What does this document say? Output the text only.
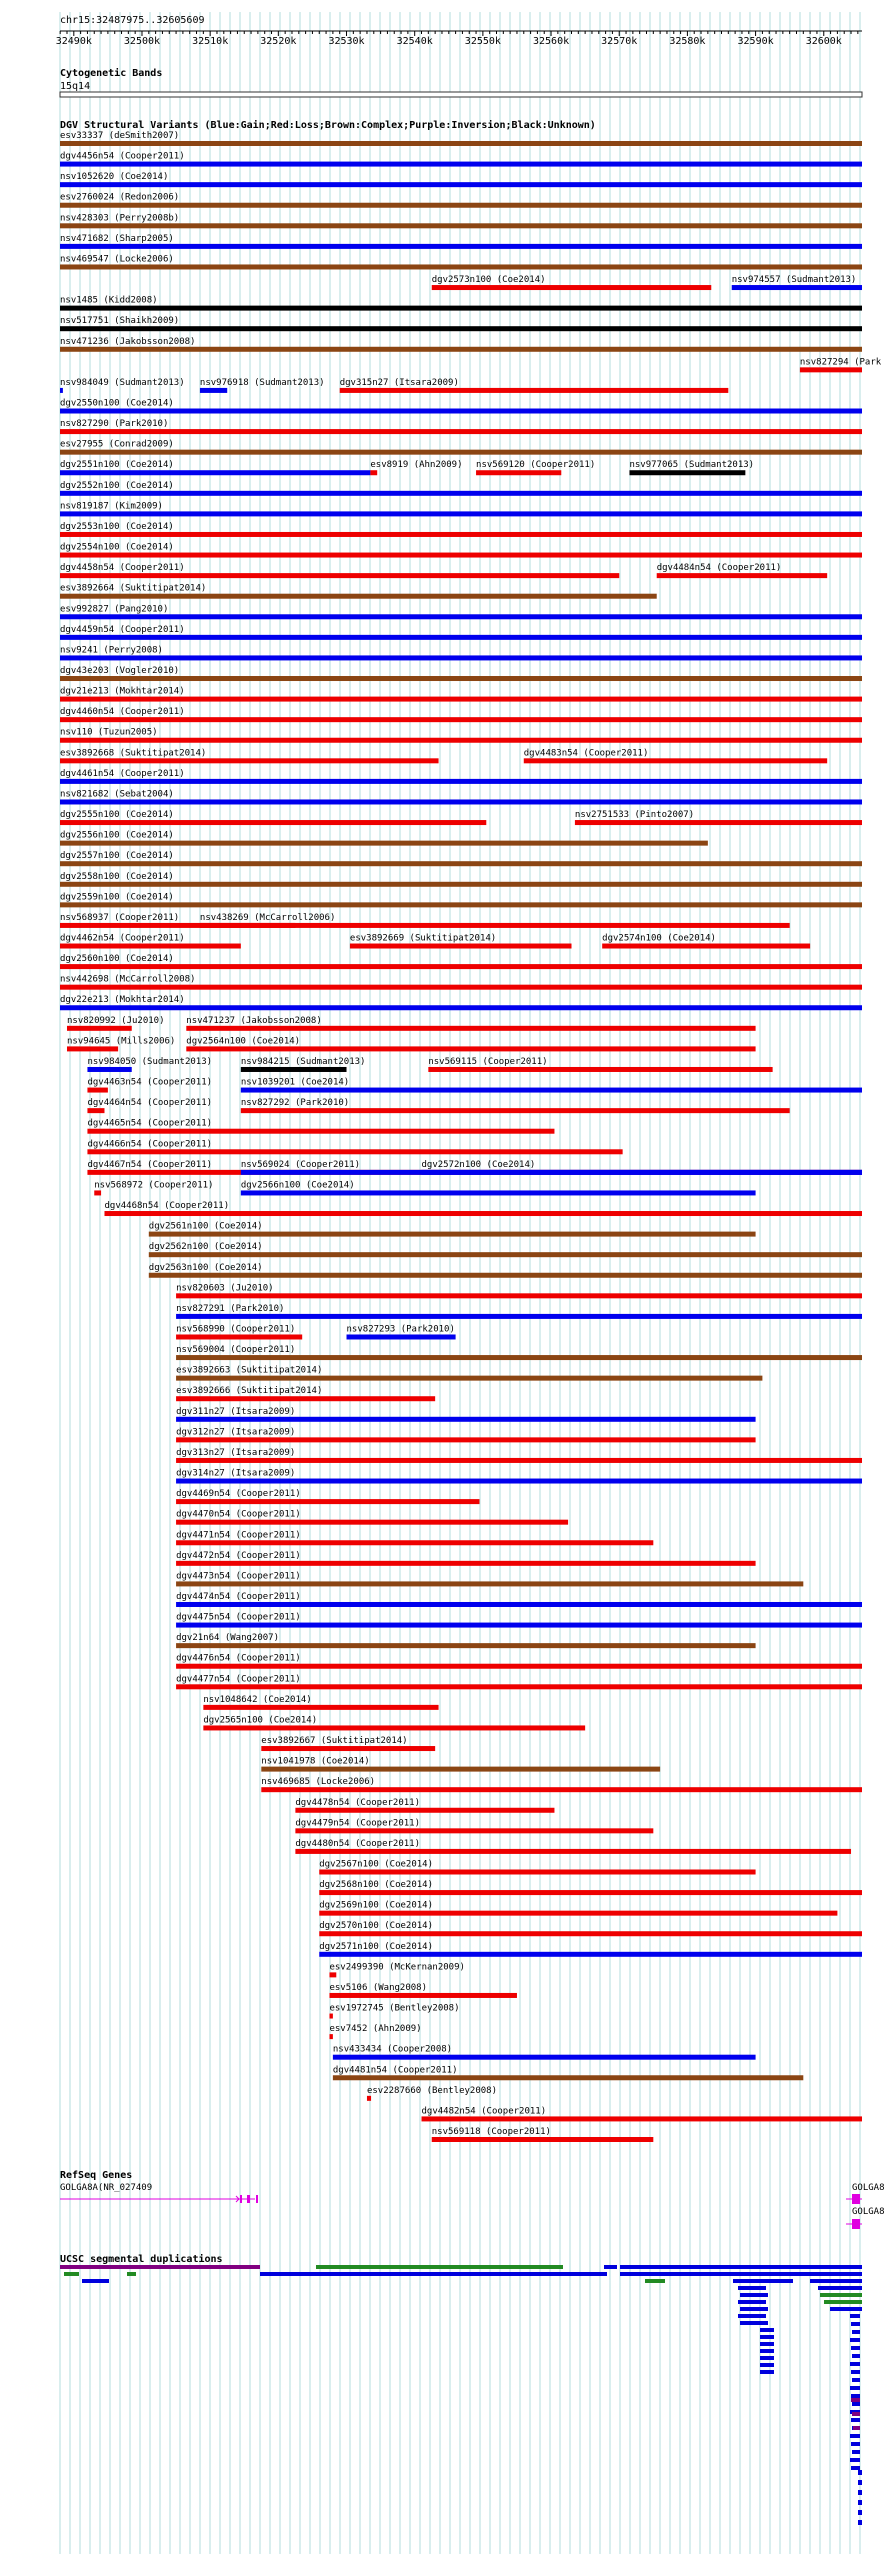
chr15:32487975..32605609
32490k	32500k	32510k	32520k	32530k	32540k	32550k	32560k	32570k	32580k	32590k	32600k
Cytogenetic Bands
15q14
DGV Structural Variants (Blue:Gain;Red:Loss;Brown:Complex;Purple:Inversion;Black:Unknown)
esv33337 (deSmith2007)
dgv4456n54 (Cooper2011)
nsv1052620 (Coe2014)
esv2760024 (Redon2006)
nsv428303 (Perry2008b)
nsv471682 (Sharp2005)
nsv469547 (Locke2006)
dgv2573n100 (Coe2014)	nsv974557 (Sudmant2013)
nsv1485 (Kidd2008)
nsv517751 (Shaikh2009)
nsv471236 (Jakobsson2008)
nsv827294 (Park
nsv984049 (Sudmant2013) nsv976918 (Sudmant2013) dgv315n27 (Itsara2009)
dgv2550n100 (Coe2014)
nsv827290 (Park2010)
esv27955 (Conrad2009)
dgv2551n100 (Coe2014)	esv8919 (Ahn2009) nsv569120 (Cooper2011)	nsv977065 (Sudmant2013)
dgv2552n100 (Coe2014)
nsv819187 (Kim2009)
dgv2553n100 (Coe2014)
dgv2554n100 (Coe2014)
dgv4458n54 (Cooper2011)	dgv4484n54 (Cooper2011)
esv3892664 (Suktitipat2014)
esv992827 (Pang2010)
dgv4459n54 (Cooper2011)
nsv9241 (Perry2008)
dgv43e203 (Vogler2010)
dgv21e213 (Mokhtar2014)
dgv4460n54 (Cooper2011)
nsv110 (Tuzun2005)
esv3892668 (Suktitipat2014)	dgv4483n54 (Cooper2011)
dgv4461n54 (Cooper2011)
nsv821682 (Sebat2004)
dgv2555n100 (Coe2014)	nsv2751533 (Pinto2007)
dgv2556n100 (Coe2014)
dgv2557n100 (Coe2014)
dgv2558n100 (Coe2014)
dgv2559n100 (Coe2014)
nsv568937 (Cooper2011) nsv438269 (McCarroll2006)
dgv4462n54 (Cooper2011)	esv3892669 (Suktitipat2014)	dgv2574n100 (Coe2014)
dgv2560n100 (Coe2014)
nsv442698 (McCarroll2008)
dgv22e213 (Mokhtar2014)
nsv820992 (Ju2010) nsv471237 (Jakobsson2008)
nsv94645 (Mills2006) dgv2564n100 (Coe2014)
nsv984050 (Sudmant2013)	nsv984215 (Sudmant2013)	nsv569115 (Cooper2011)
dgv4463n54 (Cooper2011)	nsv1039201 (Coe2014)
dgv4464n54 (Cooper2011)	nsv827292 (Park2010)
dgv4465n54 (Cooper2011)
dgv4466n54 (Cooper2011)
dgv4467n54 (Cooper2011)	nsv569024 (Cooper2011)	dgv2572n100 (Coe2014)
nsv568972 (Cooper2011)	dgv2566n100 (Coe2014)
dgv4468n54 (Cooper2011)
dgv2561n100 (Coe2014)
dgv2562n100 (Coe2014)
dgv2563n100 (Coe2014)
nsv820603 (Ju2010)
nsv827291 (Park2010)
nsv568990 (Cooper2011)	nsv827293 (Park2010)
nsv569004 (Cooper2011)
esv3892663 (Suktitipat2014)
esv3892666 (Suktitipat2014)
dgv311n27 (Itsara2009)
dgv312n27 (Itsara2009)
dgv313n27 (Itsara2009)
dgv314n27 (Itsara2009)
dgv4469n54 (Cooper2011)
dgv4470n54 (Cooper2011)
dgv4471n54 (Cooper2011)
dgv4472n54 (Cooper2011)
dgv4473n54 (Cooper2011)
dgv4474n54 (Cooper2011)
dgv4475n54 (Cooper2011)
dgv21n64 (Wang2007)
dgv4476n54 (Cooper2011)
dgv4477n54 (Cooper2011)
nsv1048642 (Coe2014)
dgv2565n100 (Coe2014)
esv3892667 (Suktitipat2014)
nsv1041978 (Coe2014)
nsv469685 (Locke2006)
dgv4478n54 (Cooper2011)
dgv4479n54 (Cooper2011)
dgv4480n54 (Cooper2011)
dgv2567n100 (Coe2014)
dgv2568n100 (Coe2014)
dgv2569n100 (Coe2014)
dgv2570n100 (Coe2014)
dgv2571n100 (Coe2014)
esv2499390 (McKernan2009)
esv5106 (Wang2008)
esv1972745 (Bentley2008)
esv7452 (Ahn2009)
nsv433434 (Cooper2008)
dgv4481n54 (Cooper2011)
esv2287660 (Bentley2008)
dgv4482n54 (Cooper2011)
nsv569118 (Cooper2011)
RefSeq Genes
GOLGA8A(NR_027409	GOLGA8
GOLGA8
UCSC segmental duplications
